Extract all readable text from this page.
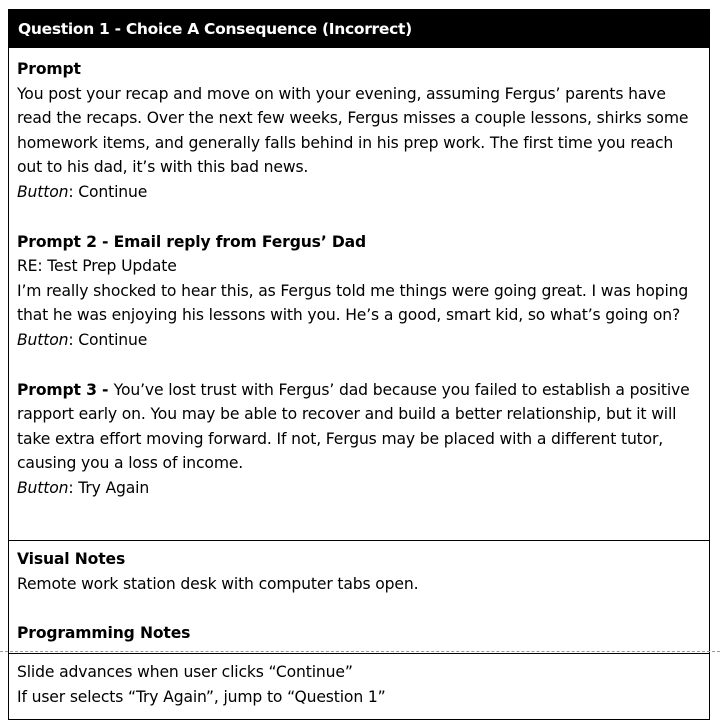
Question 1 - Choice A Consequence (Incorrect)

Prompt

You post your recap and move on with your evening, assuming Fergus’ parents have read the recaps. Over the next few weeks, Fergus misses a couple lessons, shirks some homework items, and generally falls behind in his prep work. The first time you reach out to his dad, it’s with this bad news.

Button: Continue

Prompt 2 - Email reply from Fergus’ Dad

RE: Test Prep Update

I’m really shocked to hear this, as Fergus told me things were going great. I was hoping that he was enjoying his lessons with you. He’s a good, smart kid, so what’s going on?

Button: Continue

Prompt 3 - You’ve lost trust with Fergus’ dad because you failed to establish a positive rapport early on. You may be able to recover and build a better relationship, but it will take extra effort moving forward. If not, Fergus may be placed with a different tutor, causing you a loss of income.

Button: Try Again

Visual Notes

Remote work station desk with computer tabs open.

Programming Notes

Slide advances when user clicks “Continue”

If user selects “Try Again”, jump to “Question 1”
